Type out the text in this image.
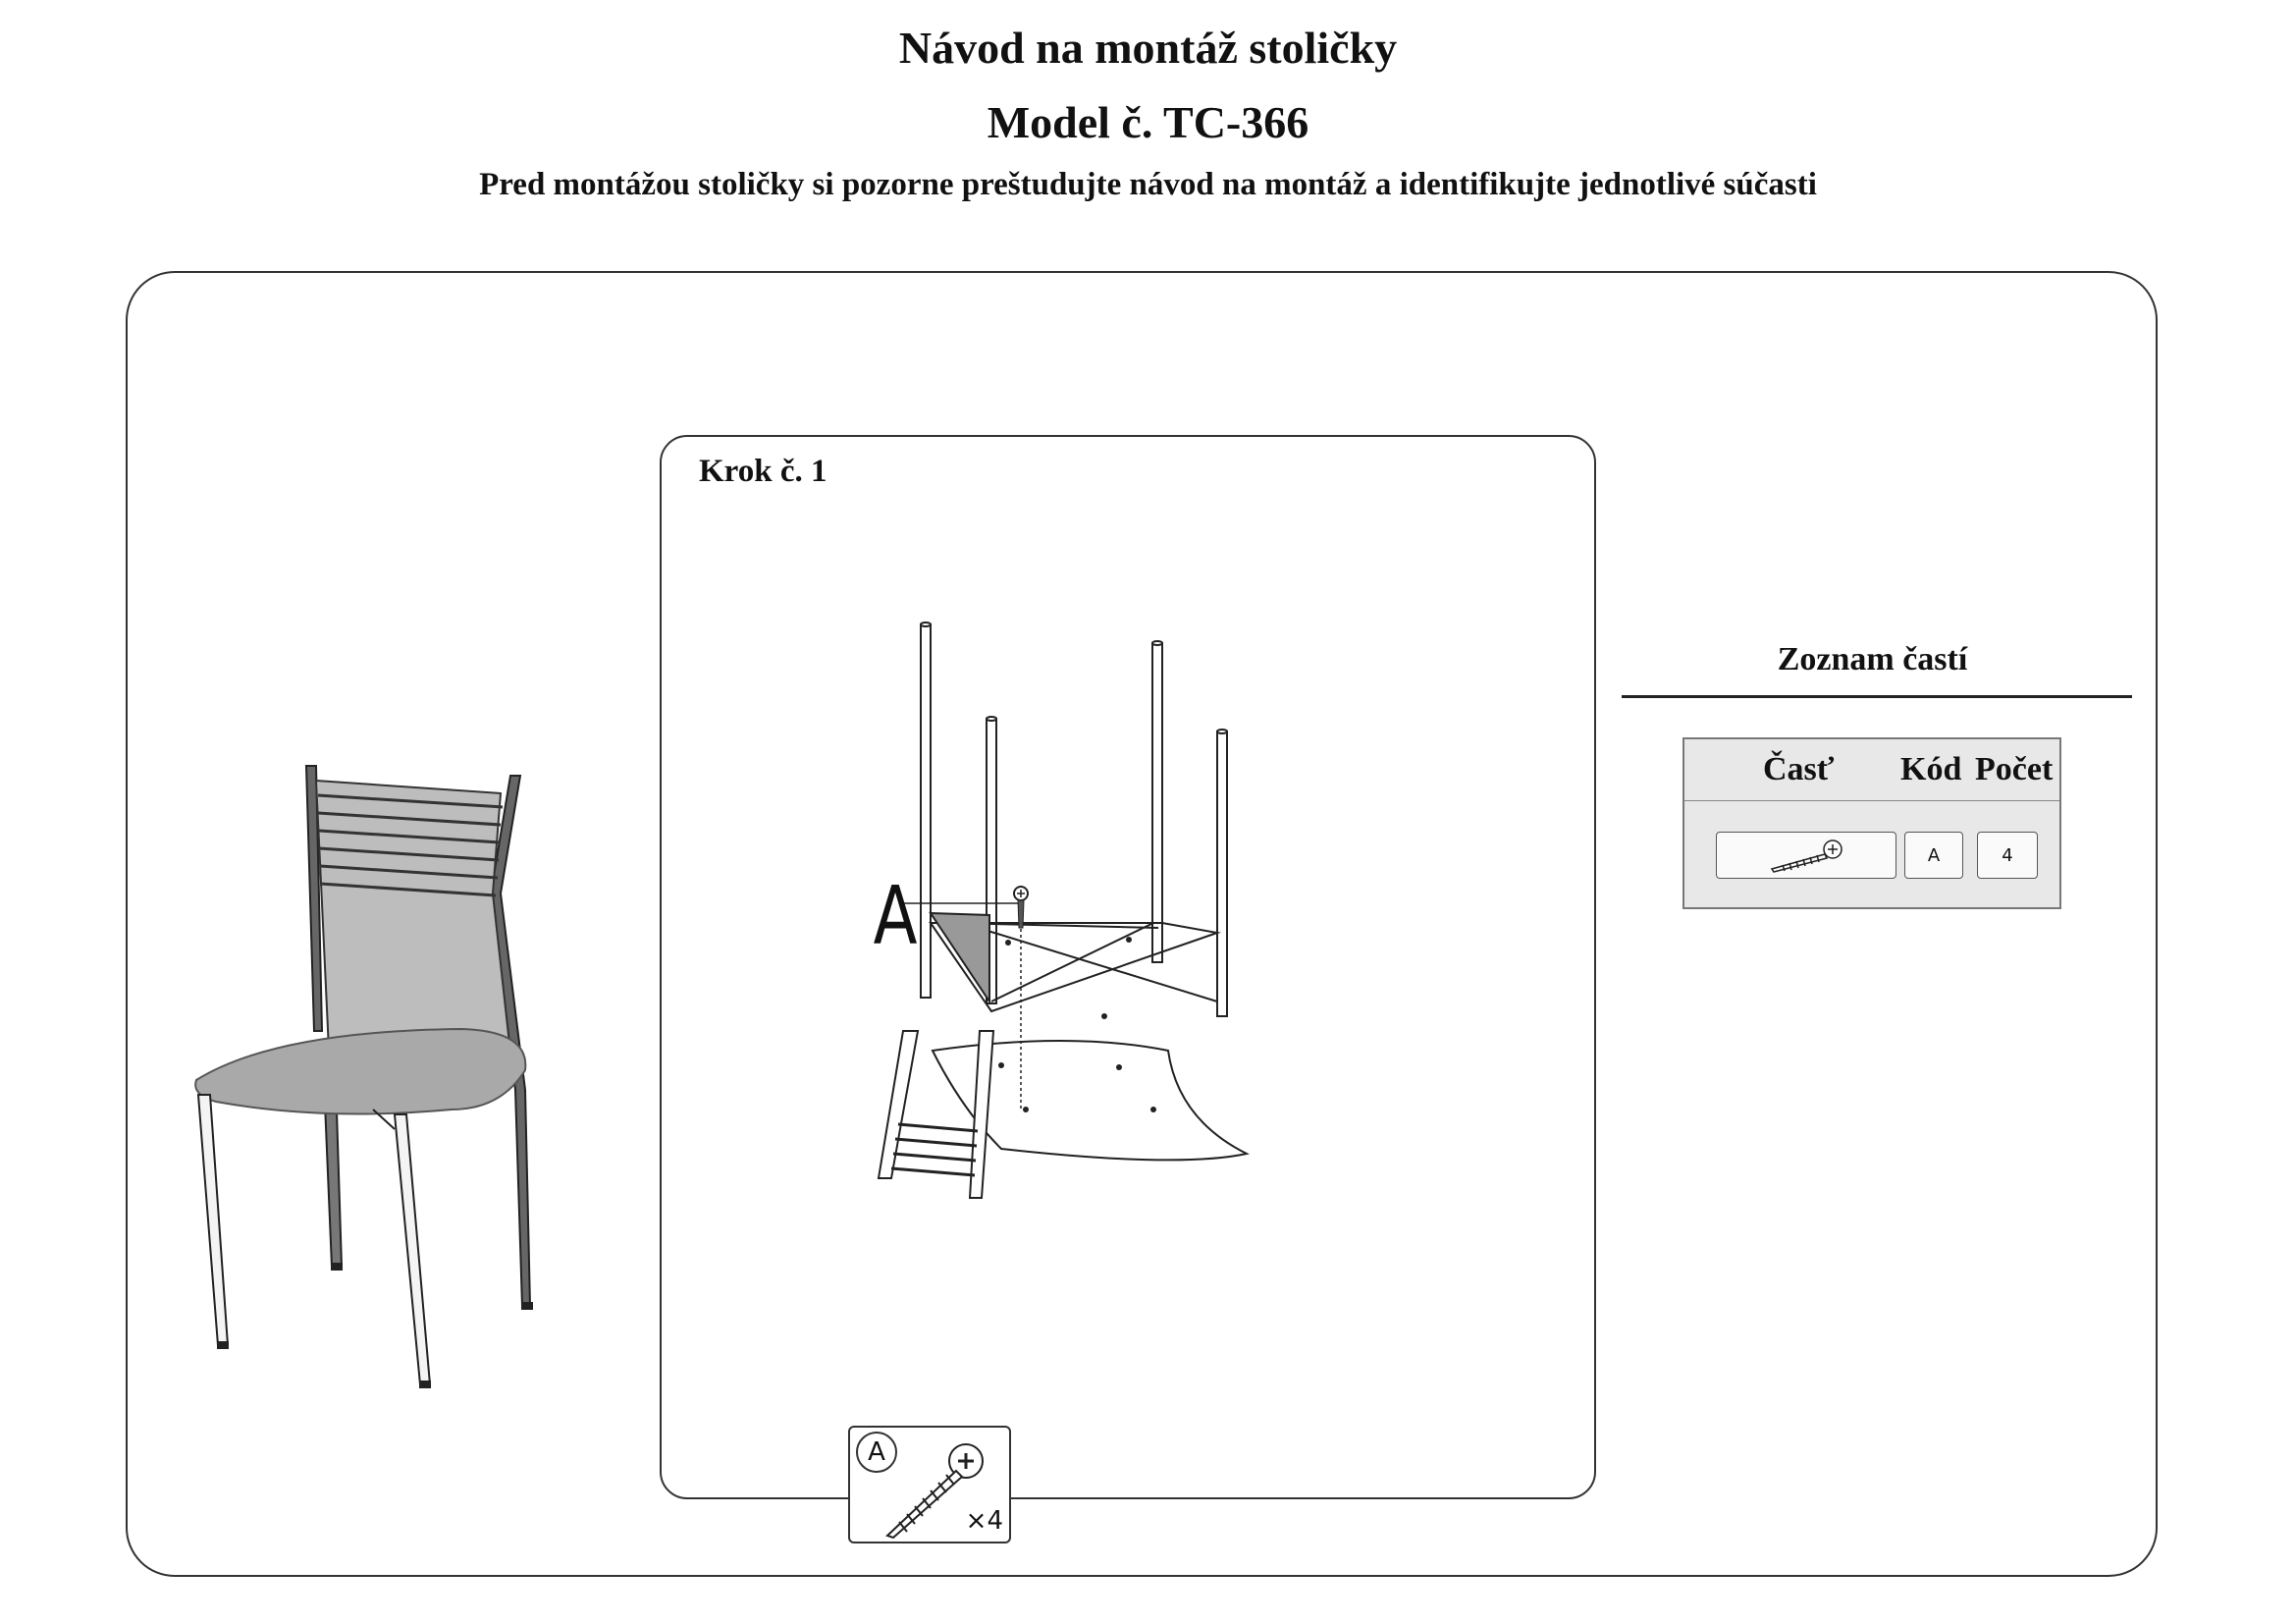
Návod na montáž stoličky
Model č. TC-366

Pred montážou stoličky si pozorne preštudujte návod na montáž a identifikujte jednotlivé súčasti

Krok č. 1
A
A
×4
Zoznam častí
Časť Kód Počet
A	4
